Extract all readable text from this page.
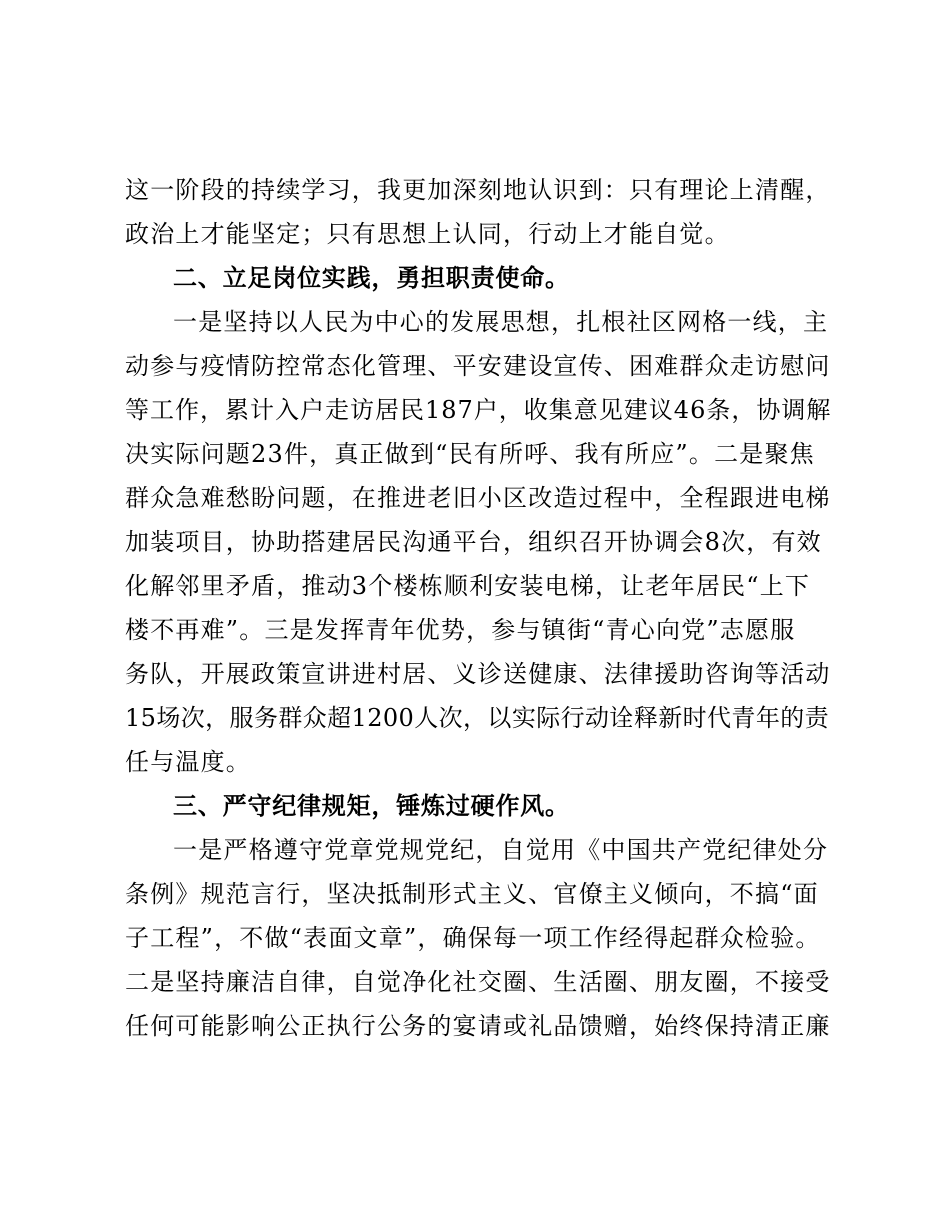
这一阶段的持续学习，我更加深刻地认识到：只有理论上清醒，
政治上才能坚定；只有思想上认同，行动上才能自觉。
二、立足岗位实践，勇担职责使命。
一是坚持以人民为中心的发展思想，扎根社区网格一线，主
动参与疫情防控常态化管理、平安建设宣传、困难群众走访慰问
等工作，累计入户走访居民187户，收集意见建议46条，协调解
决实际问题23件，真正做到“民有所呼、我有所应”。二是聚焦
群众急难愁盼问题，在推进老旧小区改造过程中，全程跟进电梯
加装项目，协助搭建居民沟通平台，组织召开协调会8次，有效
化解邻里矛盾，推动3个楼栋顺利安装电梯，让老年居民“上下
楼不再难”。三是发挥青年优势，参与镇街“青心向党”志愿服
务队，开展政策宣讲进村居、义诊送健康、法律援助咨询等活动
15场次，服务群众超1200人次，以实际行动诠释新时代青年的责
任与温度。
三、严守纪律规矩，锤炼过硬作风。
一是严格遵守党章党规党纪，自觉用《中国共产党纪律处分
条例》规范言行，坚决抵制形式主义、官僚主义倾向，不搞“面
子工程”，不做“表面文章”，确保每一项工作经得起群众检验。
二是坚持廉洁自律，自觉净化社交圈、生活圈、朋友圈，不接受
任何可能影响公正执行公务的宴请或礼品馈赠，始终保持清正廉
